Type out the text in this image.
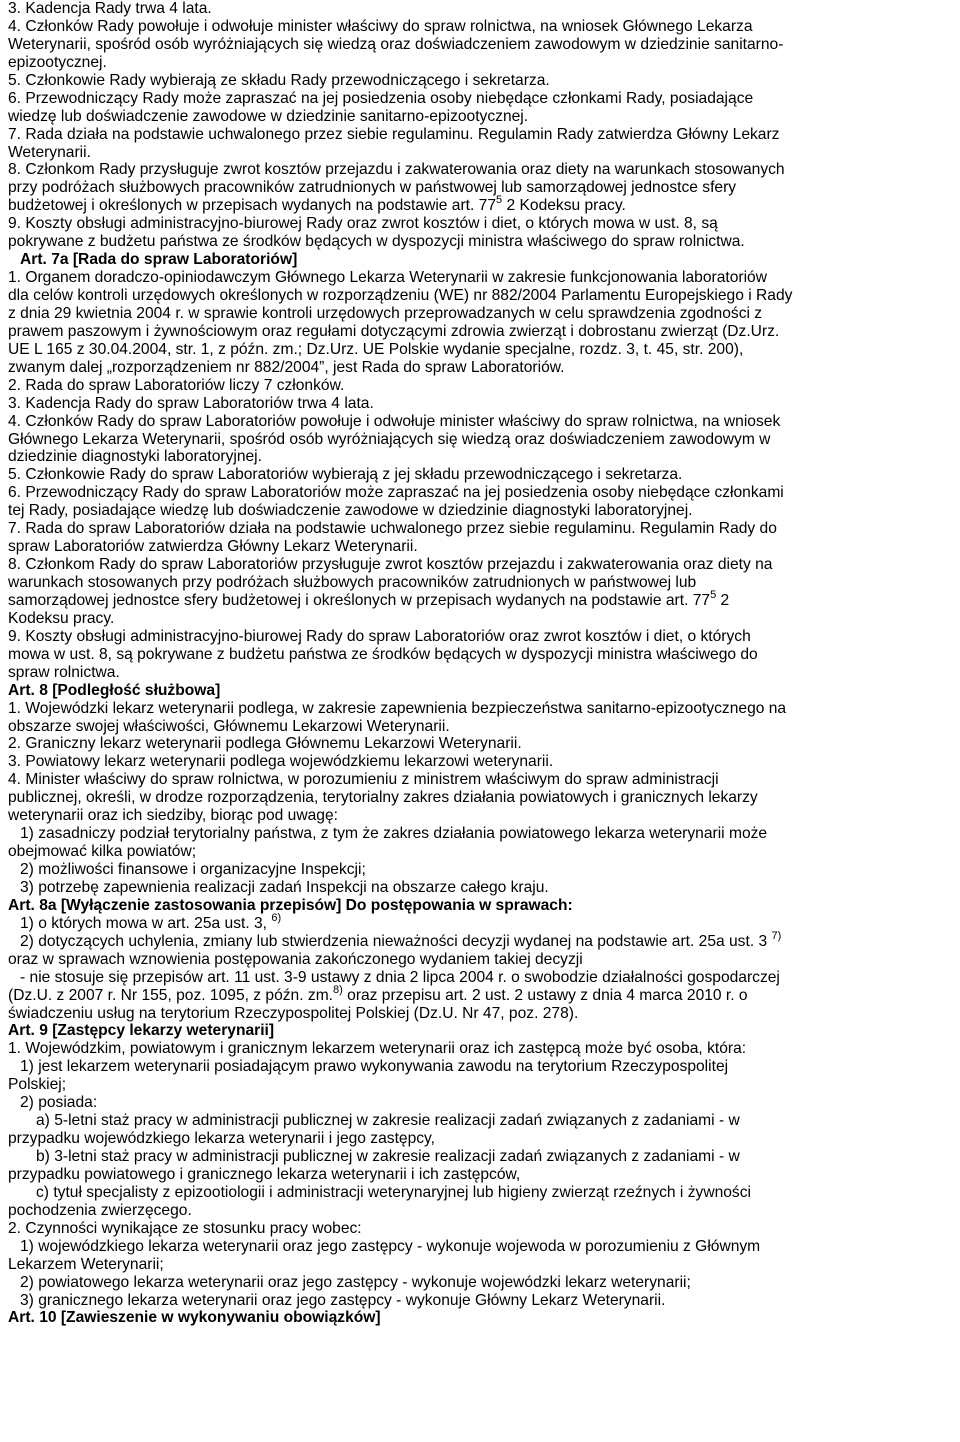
3. Kadencja Rady trwa 4 lata.
4. Członków Rady powołuje i odwołuje minister właściwy do spraw rolnictwa, na wniosek Głównego Lekarza
Weterynarii, spośród osób wyróżniających się wiedzą oraz doświadczeniem zawodowym w dziedzinie sanitarno-
epizootycznej.
5. Członkowie Rady wybierają ze składu Rady przewodniczącego i sekretarza.
6. Przewodniczący Rady może zapraszać na jej posiedzenia osoby niebędące członkami Rady, posiadające
wiedzę lub doświadczenie zawodowe w dziedzinie sanitarno-epizootycznej.
7. Rada działa na podstawie uchwalonego przez siebie regulaminu. Regulamin Rady zatwierdza Główny Lekarz
Weterynarii.
8. Członkom Rady przysługuje zwrot kosztów przejazdu i zakwaterowania oraz diety na warunkach stosowanych
przy podróżach służbowych pracowników zatrudnionych w państwowej lub samorządowej jednostce sfery
budżetowej i określonych w przepisach wydanych na podstawie art. $77^5$ 2 Kodeksu pracy.
9. Koszty obsługi administracyjno-biurowej Rady oraz zwrot kosztów i diet, o których mowa w ust. 8, są
pokrywane z budżetu państwa ze środków będących w dyspozycji ministra właściwego do spraw rolnictwa.
Art. 7a [Rada do spraw Laboratoriów]
1. Organem doradczo-opiniodawczym Głównego Lekarza Weterynarii w zakresie funkcjonowania laboratoriów
dla celów kontroli urzędowych określonych w rozporządzeniu (WE) nr 882/2004 Parlamentu Europejskiego i Rady
z dnia 29 kwietnia 2004 r. w sprawie kontroli urzędowych przeprowadzanych w celu sprawdzenia zgodności z
prawem paszowym i żywnościowym oraz regułami dotyczącymi zdrowia zwierząt i dobrostanu zwierząt (Dz.Urz.
UE L 165 z 30.04.2004, str. 1, z późn. zm.; Dz.Urz. UE Polskie wydanie specjalne, rozdz. 3, t. 45, str. 200),
zwanym dalej „rozporządzeniem nr 882/2004”, jest Rada do spraw Laboratoriów.
2. Rada do spraw Laboratoriów liczy 7 członków.
3. Kadencja Rady do spraw Laboratoriów trwa 4 lata.
4. Członków Rady do spraw Laboratoriów powołuje i odwołuje minister właściwy do spraw rolnictwa, na wniosek
Głównego Lekarza Weterynarii, spośród osób wyróżniających się wiedzą oraz doświadczeniem zawodowym w
dziedzinie diagnostyki laboratoryjnej.
5. Członkowie Rady do spraw Laboratoriów wybierają z jej składu przewodniczącego i sekretarza.
6. Przewodniczący Rady do spraw Laboratoriów może zapraszać na jej posiedzenia osoby niebędące członkami
tej Rady, posiadające wiedzę lub doświadczenie zawodowe w dziedzinie diagnostyki laboratoryjnej.
7. Rada do spraw Laboratoriów działa na podstawie uchwalonego przez siebie regulaminu. Regulamin Rady do
spraw Laboratoriów zatwierdza Główny Lekarz Weterynarii.
8. Członkom Rady do spraw Laboratoriów przysługuje zwrot kosztów przejazdu i zakwaterowania oraz diety na
warunkach stosowanych przy podróżach służbowych pracowników zatrudnionych w państwowej lub
samorządowej jednostce sfery budżetowej i określonych w przepisach wydanych na podstawie art. $77^5$ 2
Kodeksu pracy.
9. Koszty obsługi administracyjno-biurowej Rady do spraw Laboratoriów oraz zwrot kosztów i diet, o których
mowa w ust. 8, są pokrywane z budżetu państwa ze środków będących w dyspozycji ministra właściwego do
spraw rolnictwa.
Art. 8 [Podległość służbowa]
1. Wojewódzki lekarz weterynarii podlega, w zakresie zapewnienia bezpieczeństwa sanitarno-epizootycznego na
obszarze swojej właściwości, Głównemu Lekarzowi Weterynarii.
2. Graniczny lekarz weterynarii podlega Głównemu Lekarzowi Weterynarii.
3. Powiatowy lekarz weterynarii podlega wojewódzkiemu lekarzowi weterynarii.
4. Minister właściwy do spraw rolnictwa, w porozumieniu z ministrem właściwym do spraw administracji
publicznej, określi, w drodze rozporządzenia, terytorialny zakres działania powiatowych i granicznych lekarzy
weterynarii oraz ich siedziby, biorąc pod uwagę:
1) zasadniczy podział terytorialny państwa, z tym że zakres działania powiatowego lekarza weterynarii może
obejmować kilka powiatów;
2) możliwości finansowe i organizacyjne Inspekcji;
3) potrzebę zapewnienia realizacji zadań Inspekcji na obszarze całego kraju.
Art. 8a [Wyłączenie zastosowania przepisów] Do postępowania w sprawach:
1) o których mowa w art. 25a ust. 3, $^{6)}$
2) dotyczących uchylenia, zmiany lub stwierdzenia nieważności decyzji wydanej na podstawie art. 25a ust. 3 $^{7)}$
oraz w sprawach wznowienia postępowania zakończonego wydaniem takiej decyzji
- nie stosuje się przepisów art. 11 ust. 3-9 ustawy z dnia 2 lipca 2004 r. o swobodzie działalności gospodarczej
(Dz.U. z 2007 r. Nr 155, poz. 1095, z późn. zm.$^{8)}$ oraz przepisu art. 2 ust. 2 ustawy z dnia 4 marca 2010 r. o
świadczeniu usług na terytorium Rzeczypospolitej Polskiej (Dz.U. Nr 47, poz. 278).
Art. 9 [Zastępcy lekarzy weterynarii]
1. Wojewódzkim, powiatowym i granicznym lekarzem weterynarii oraz ich zastępcą może być osoba, która:
1) jest lekarzem weterynarii posiadającym prawo wykonywania zawodu na terytorium Rzeczypospolitej
Polskiej;
2) posiada:
a) 5-letni staż pracy w administracji publicznej w zakresie realizacji zadań związanych z zadaniami - w
przypadku wojewódzkiego lekarza weterynarii i jego zastępcy,
b) 3-letni staż pracy w administracji publicznej w zakresie realizacji zadań związanych z zadaniami - w
przypadku powiatowego i granicznego lekarza weterynarii i ich zastępców,
c) tytuł specjalisty z epizootiologii i administracji weterynaryjnej lub higieny zwierząt rzeźnych i żywności
pochodzenia zwierzęcego.
2. Czynności wynikające ze stosunku pracy wobec:
1) wojewódzkiego lekarza weterynarii oraz jego zastępcy - wykonuje wojewoda w porozumieniu z Głównym
Lekarzem Weterynarii;
2) powiatowego lekarza weterynarii oraz jego zastępcy - wykonuje wojewódzki lekarz weterynarii;
3) granicznego lekarza weterynarii oraz jego zastępcy - wykonuje Główny Lekarz Weterynarii.
Art. 10 [Zawieszenie w wykonywaniu obowiązków]
